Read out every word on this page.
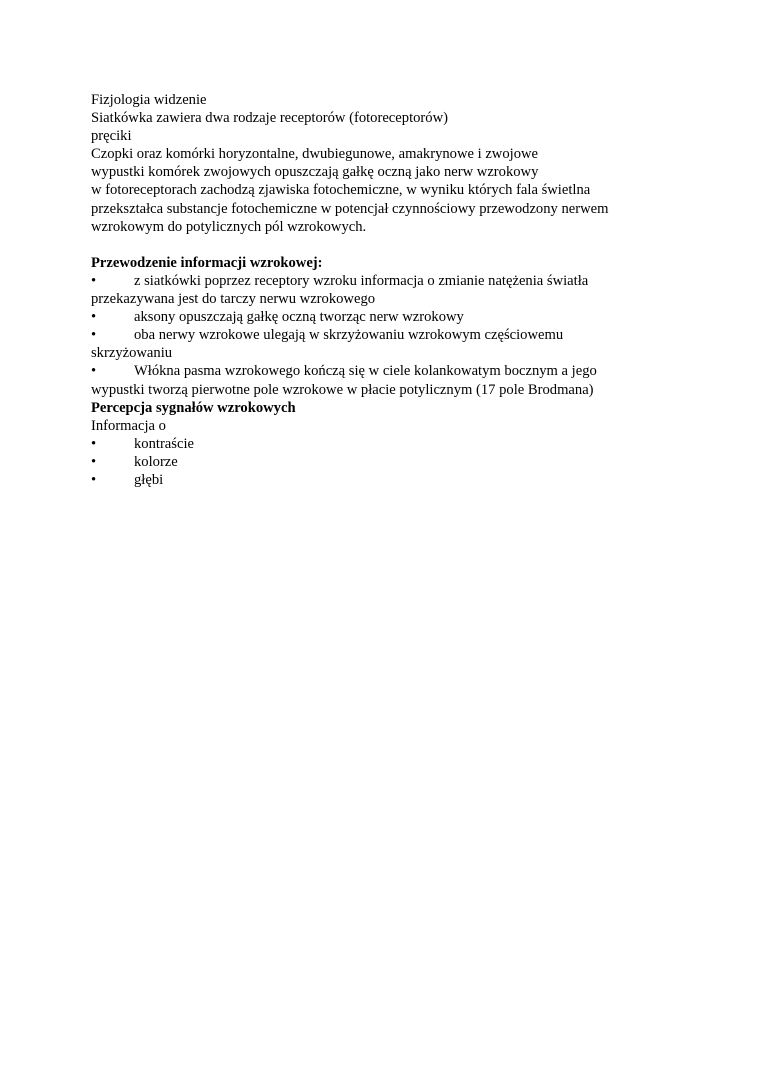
Fizjologia widzenie
Siatkówka zawiera dwa rodzaje receptorów (fotoreceptorów)
pręciki
Czopki oraz komórki horyzontalne, dwubiegunowe, amakrynowe i zwojowe
wypustki komórek zwojowych opuszczają gałkę oczną jako nerw wzrokowy
w fotoreceptorach zachodzą zjawiska fotochemiczne, w wyniku których fala świetlna
przekształca substancje fotochemiczne w potencjał czynnościowy przewodzony nerwem
wzrokowym do potylicznych pól wzrokowych.
Przewodzenie informacji wzrokowej:
•	z siatkówki poprzez receptory wzroku informacja o zmianie natężenia światła
przekazywana jest do tarczy nerwu wzrokowego
•	aksony opuszczają gałkę oczną tworząc nerw wzrokowy
•	oba nerwy wzrokowe ulegają w skrzyżowaniu wzrokowym częściowemu
skrzyżowaniu
•	Włókna pasma wzrokowego kończą się w ciele kolankowatym bocznym a jego
wypustki tworzą pierwotne pole wzrokowe w płacie potylicznym (17 pole Brodmana)
Percepcja sygnałów wzrokowych
Informacja o
•	kontraście
•	kolorze
•	głębi
